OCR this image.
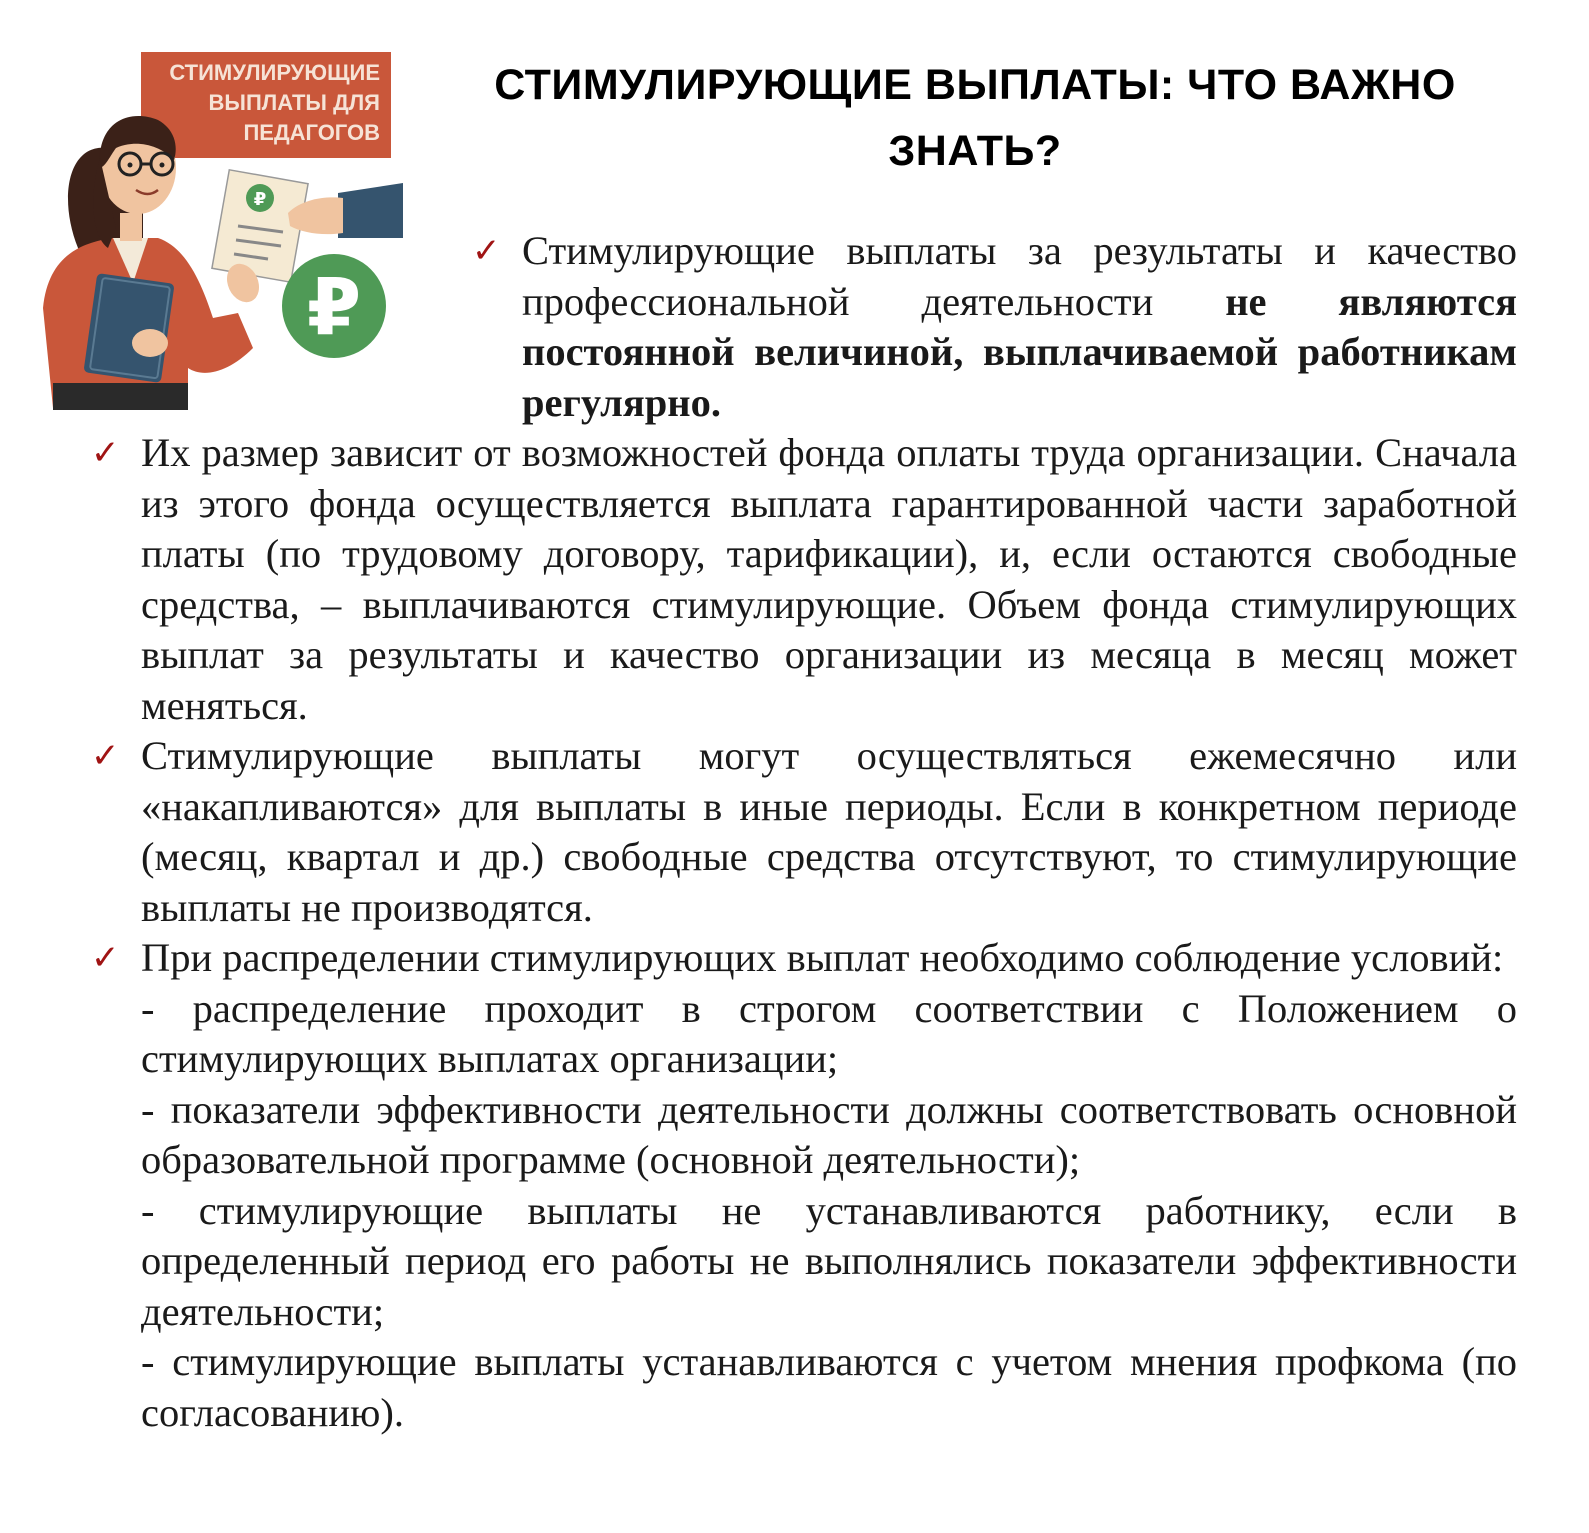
СТИМУЛИРУЮЩИЕ
ВЫПЛАТЫ ДЛЯ
ПЕДАГОГОВ
₽
₽
СТИМУЛИРУЮЩИЕ ВЫПЛАТЫ: ЧТО ВАЖНО ЗНАТЬ?

✓ Стимулирующие выплаты за результаты и качество профессиональной деятельности не являются постоянной величиной, выплачиваемой работникам регулярно.

✓ Их размер зависит от возможностей фонда оплаты труда организации. Сначала из этого фонда осуществляется выплата гарантированной части заработной платы (по трудовому договору, тарификации), и, если остаются свободные средства, – выплачиваются стимулирующие. Объем фонда стимулирующих выплат за результаты и качество организации из месяца в месяц может меняться.

✓ Стимулирующие выплаты могут осуществляться ежемесячно или «накапливаются» для выплаты в иные периоды. Если в конкретном периоде (месяц, квартал и др.) свободные средства отсутствуют, то стимулирующие выплаты не производятся.

✓ При распределении стимулирующих выплат необходимо соблюдение условий:
- распределение проходит в строгом соответствии с Положением о стимулирующих выплатах организации;
- показатели эффективности деятельности должны соответствовать основной образовательной программе (основной деятельности);
- стимулирующие выплаты не устанавливаются работнику, если в определенный период его работы не выполнялись показатели эффективности деятельности;
- стимулирующие выплаты устанавливаются с учетом мнения профкома (по согласованию).
